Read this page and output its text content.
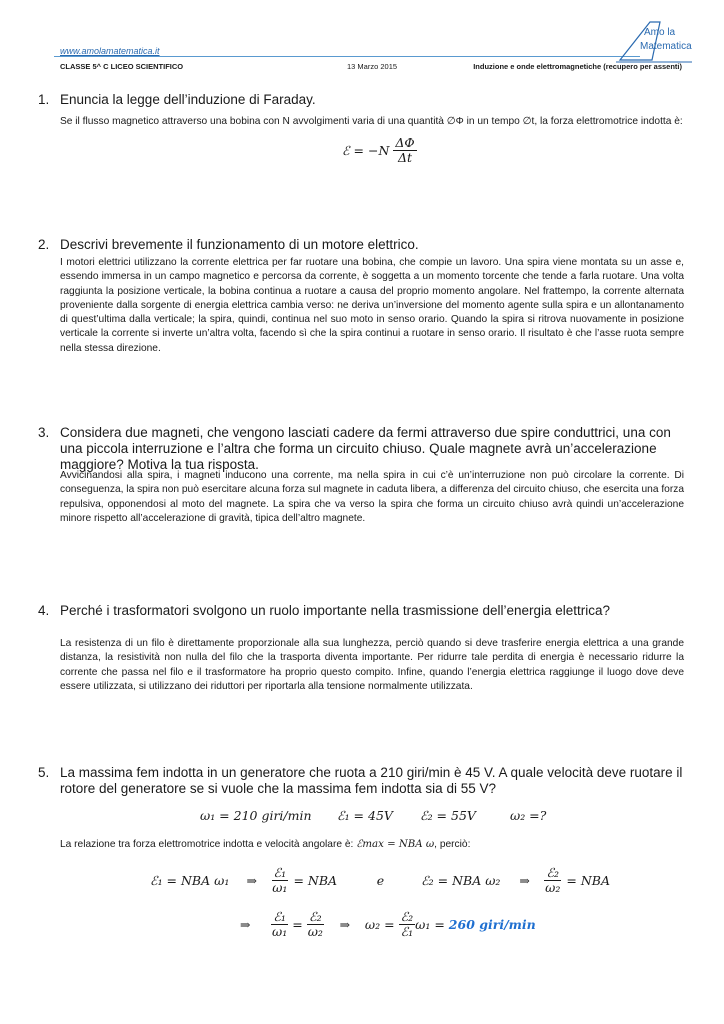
www.amolamatematica.it
Amo la
Matematica
CLASSE 5^ C LICEO SCIENTIFICO	13 Marzo 2015	Induzione e onde elettromagnetiche (recupero per assenti)
1. Enuncia la legge dell’induzione di Faraday.
Se il flusso magnetico attraverso una bobina con N avvolgimenti varia di una quantità ∅Φ in un tempo ∅t, la forza elettromotrice indotta è:
ℰ = −N
$\frac{\Delta\Phi}{\Delta t}$
2. Descrivi brevemente il funzionamento di un motore elettrico.
I motori elettrici utilizzano la corrente elettrica per far ruotare una bobina, che compie un lavoro. Una spira viene montata su un asse e, essendo immersa in un campo magnetico e percorsa da corrente, è soggetta a un momento torcente che tende a farla ruotare. Una volta raggiunta la posizione verticale, la bobina continua a ruotare a causa del proprio momento angolare. Nel frattempo, la corrente alternata proveniente dalla sorgente di energia elettrica cambia verso: ne deriva un’inversione del momento agente sulla spira e un allontanamento di quest’ultima dalla verticale; la spira, quindi, continua nel suo moto in senso orario. Quando la spira si ritrova nuovamente in posizione verticale la corrente si inverte un’altra volta, facendo sì che la spira continui a ruotare in senso orario. Il risultato è che l’asse ruota sempre nella stessa direzione.
3. Considera due magneti, che vengono lasciati cadere da fermi attraverso due spire conduttrici, una con una piccola interruzione e l’altra che forma un circuito chiuso. Quale magnete avrà un’accelerazione maggiore? Motiva la tua risposta.
Avvicinandosi alla spira, i magneti inducono una corrente, ma nella spira in cui c’è un’interruzione non può circolare la corrente. Di conseguenza, la spira non può esercitare alcuna forza sul magnete in caduta libera, a differenza del circuito chiuso, che esercita una forza repulsiva, opponendosi al moto del magnete. La spira che va verso la spira che forma un circuito chiuso avrà quindi un’accelerazione minore rispetto all’accelerazione di gravità, tipica dell’altro magnete.
4. Perché i trasformatori svolgono un ruolo importante nella trasmissione dell’energia elettrica?
La resistenza di un filo è direttamente proporzionale alla sua lunghezza, perciò quando si deve trasferire energia elettrica a una grande distanza, la resistività non nulla del filo che la trasporta diventa importante. Per ridurre tale perdita di energia è necessario ridurre la corrente che passa nel filo e il trasformatore ha proprio questo compito. Infine, quando l’energia elettrica raggiunge il luogo dove deve essere utilizzata, si utilizzano dei riduttori per riportarla alla tensione normalmente utilizzata.
5. La massima fem indotta in un generatore che ruota a 210 giri/min è 45 V. A quale velocità deve ruotare il rotore del generatore se si vuole che la massima fem indotta sia di 55 V?
ω₁ = 210 giri/min ℰ₁ = 45V ℰ₂ = 55V	ω₂ =?
La relazione tra forza elettromotrice indotta e velocità angolare è: ℰmax = NBA ω, perciò:
ℰ₁ = NBA ω₁	⇒	$\frac{\text{ℰ₁}}{\text{ω₁}}$ = NBA	e	ℰ₂ = NBA ω₂	⇒	$\frac{\text{ℰ₂}}{\text{ω₂}}$ = NBA
⇒	$\frac{\text{ℰ₁}}{\text{ω₁}} = \frac{\text{ℰ₂}}{\text{ω₂}}$	⇒	ω₂ =
$\frac{\text{ℰ₂}}{\text{ℰ₁}} \omega_1$ =
260 giri/min
